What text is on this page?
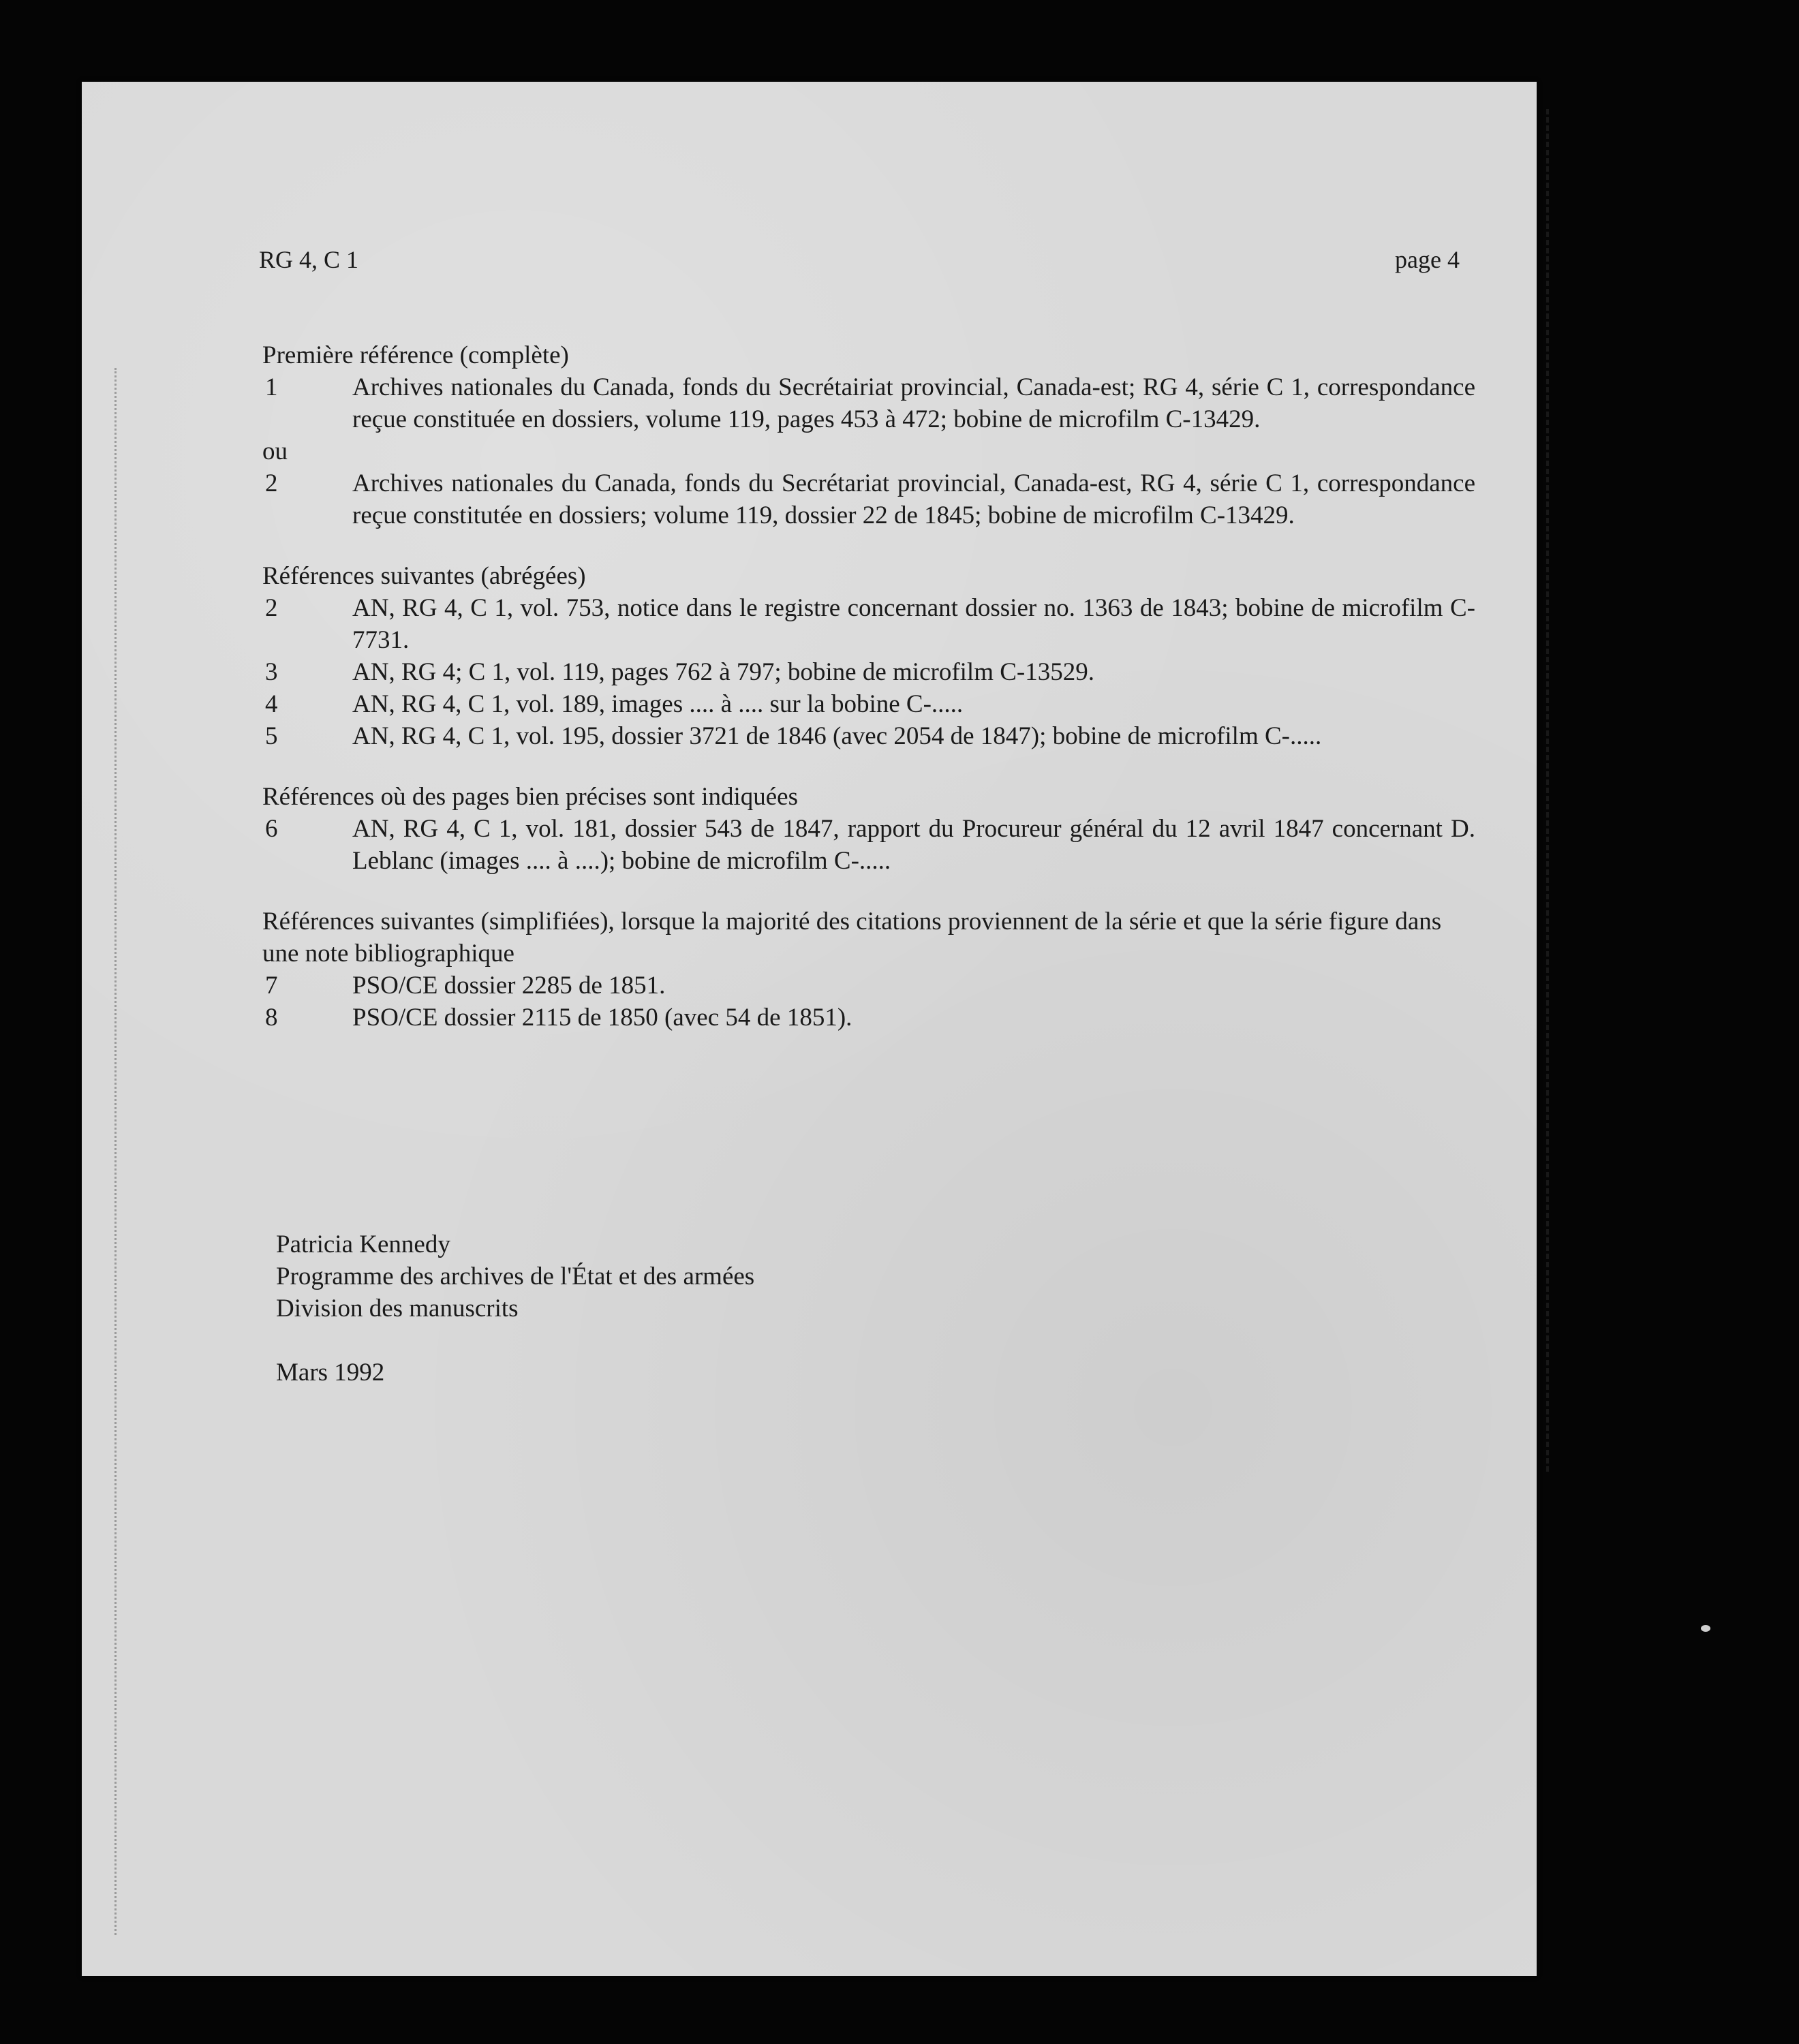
RG 4, C 1	page 4

Première référence (complète)

1	Archives nationales du Canada, fonds du Secrétairiat provincial, Canada-est; RG 4, série C 1, correspondance reçue constituée en dossiers, volume 119, pages 453 à 472; bobine de microfilm C-13429.

ou

2	Archives nationales du Canada, fonds du Secrétariat provincial, Canada-est, RG 4, série C 1, correspondance reçue constitutée en dossiers; volume 119, dossier 22 de 1845; bobine de microfilm C-13429.

Références suivantes (abrégées)

2	AN, RG 4, C 1, vol. 753, notice dans le registre concernant dossier no. 1363 de 1843; bobine de microfilm C-7731.
3	AN, RG 4; C 1, vol. 119, pages 762 à 797; bobine de microfilm C-13529.
4	AN, RG 4, C 1, vol. 189, images .... à .... sur la bobine C-.....
5	AN, RG 4, C 1, vol. 195, dossier 3721 de 1846 (avec 2054 de 1847); bobine de microfilm C-.....

Références où des pages bien précises sont indiquées

6	AN, RG 4, C 1, vol. 181, dossier 543 de 1847, rapport du Procureur général du 12 avril 1847 concernant D. Leblanc (images .... à ....); bobine de microfilm C-.....

Références suivantes (simplifiées), lorsque la majorité des citations proviennent de la série et que la série figure dans une note bibliographique

7	PSO/CE dossier 2285 de 1851.
8	PSO/CE dossier 2115 de 1850 (avec 54 de 1851).
Patricia Kennedy
Programme des archives de l'État et des armées
Division des manuscrits
Mars 1992
